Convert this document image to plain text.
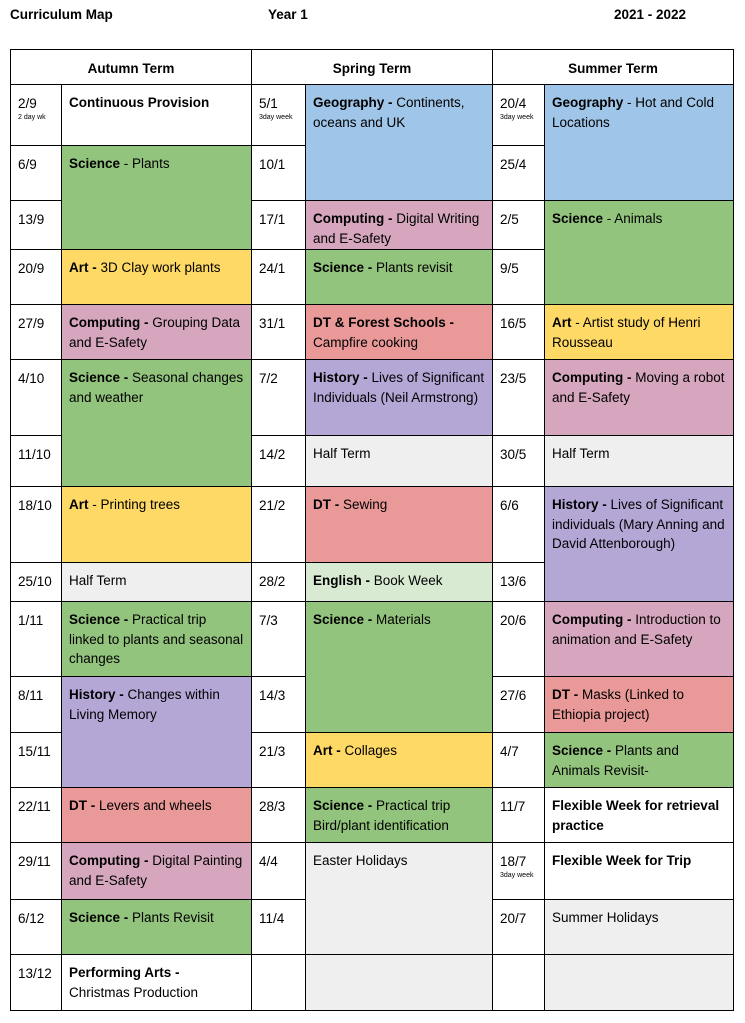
Curriculum Map	Year 1	2021 - 2022
Autumn Term
2/9
2 day wk
6/9
13/9
20/9
27/9
4/10
11/10
18/10
25/10
1/11
8/11
15/11
22/11
29/11
6/12
13/12
Continuous Provision
Science - Plants
Art - 3D Clay work plants
Computing - Grouping Data and E-Safety
Science - Seasonal changes and weather
Art - Printing trees
Half Term
Science - Practical trip linked to plants and seasonal changes
History - Changes within Living Memory
DT - Levers and wheels
Computing - Digital Painting and E-Safety
Science - Plants Revisit
Performing Arts - Christmas Production
Spring Term
5/1
3day week
10/1
17/1
24/1
31/1
7/2
14/2
21/2
28/2
7/3
14/3
21/3
28/3
4/4
11/4
Geography - Continents, oceans and UK
Computing - Digital Writing and E-Safety
Science - Plants revisit
DT & Forest Schools - Campfire cooking
History - Lives of Significant Individuals (Neil Armstrong)
Half Term
DT - Sewing
English - Book Week
Science - Materials
Art - Collages
Science - Practical trip Bird/plant identification
Easter Holidays
Summer Term
20/4
3day week
25/4
2/5
9/5
16/5
23/5
30/5
6/6
13/6
20/6
27/6
4/7
11/7
18/7
3day week
20/7
Geography - Hot and Cold Locations
Science - Animals
Art - Artist study of Henri Rousseau
Computing - Moving a robot and E-Safety
Half Term
History - Lives of Significant individuals (Mary Anning and David Attenborough)
Computing - Introduction to animation and E-Safety
DT - Masks (Linked to Ethiopia project)
Science - Plants and Animals Revisit-
Flexible Week for retrieval practice
Flexible Week for Trip
Summer Holidays
